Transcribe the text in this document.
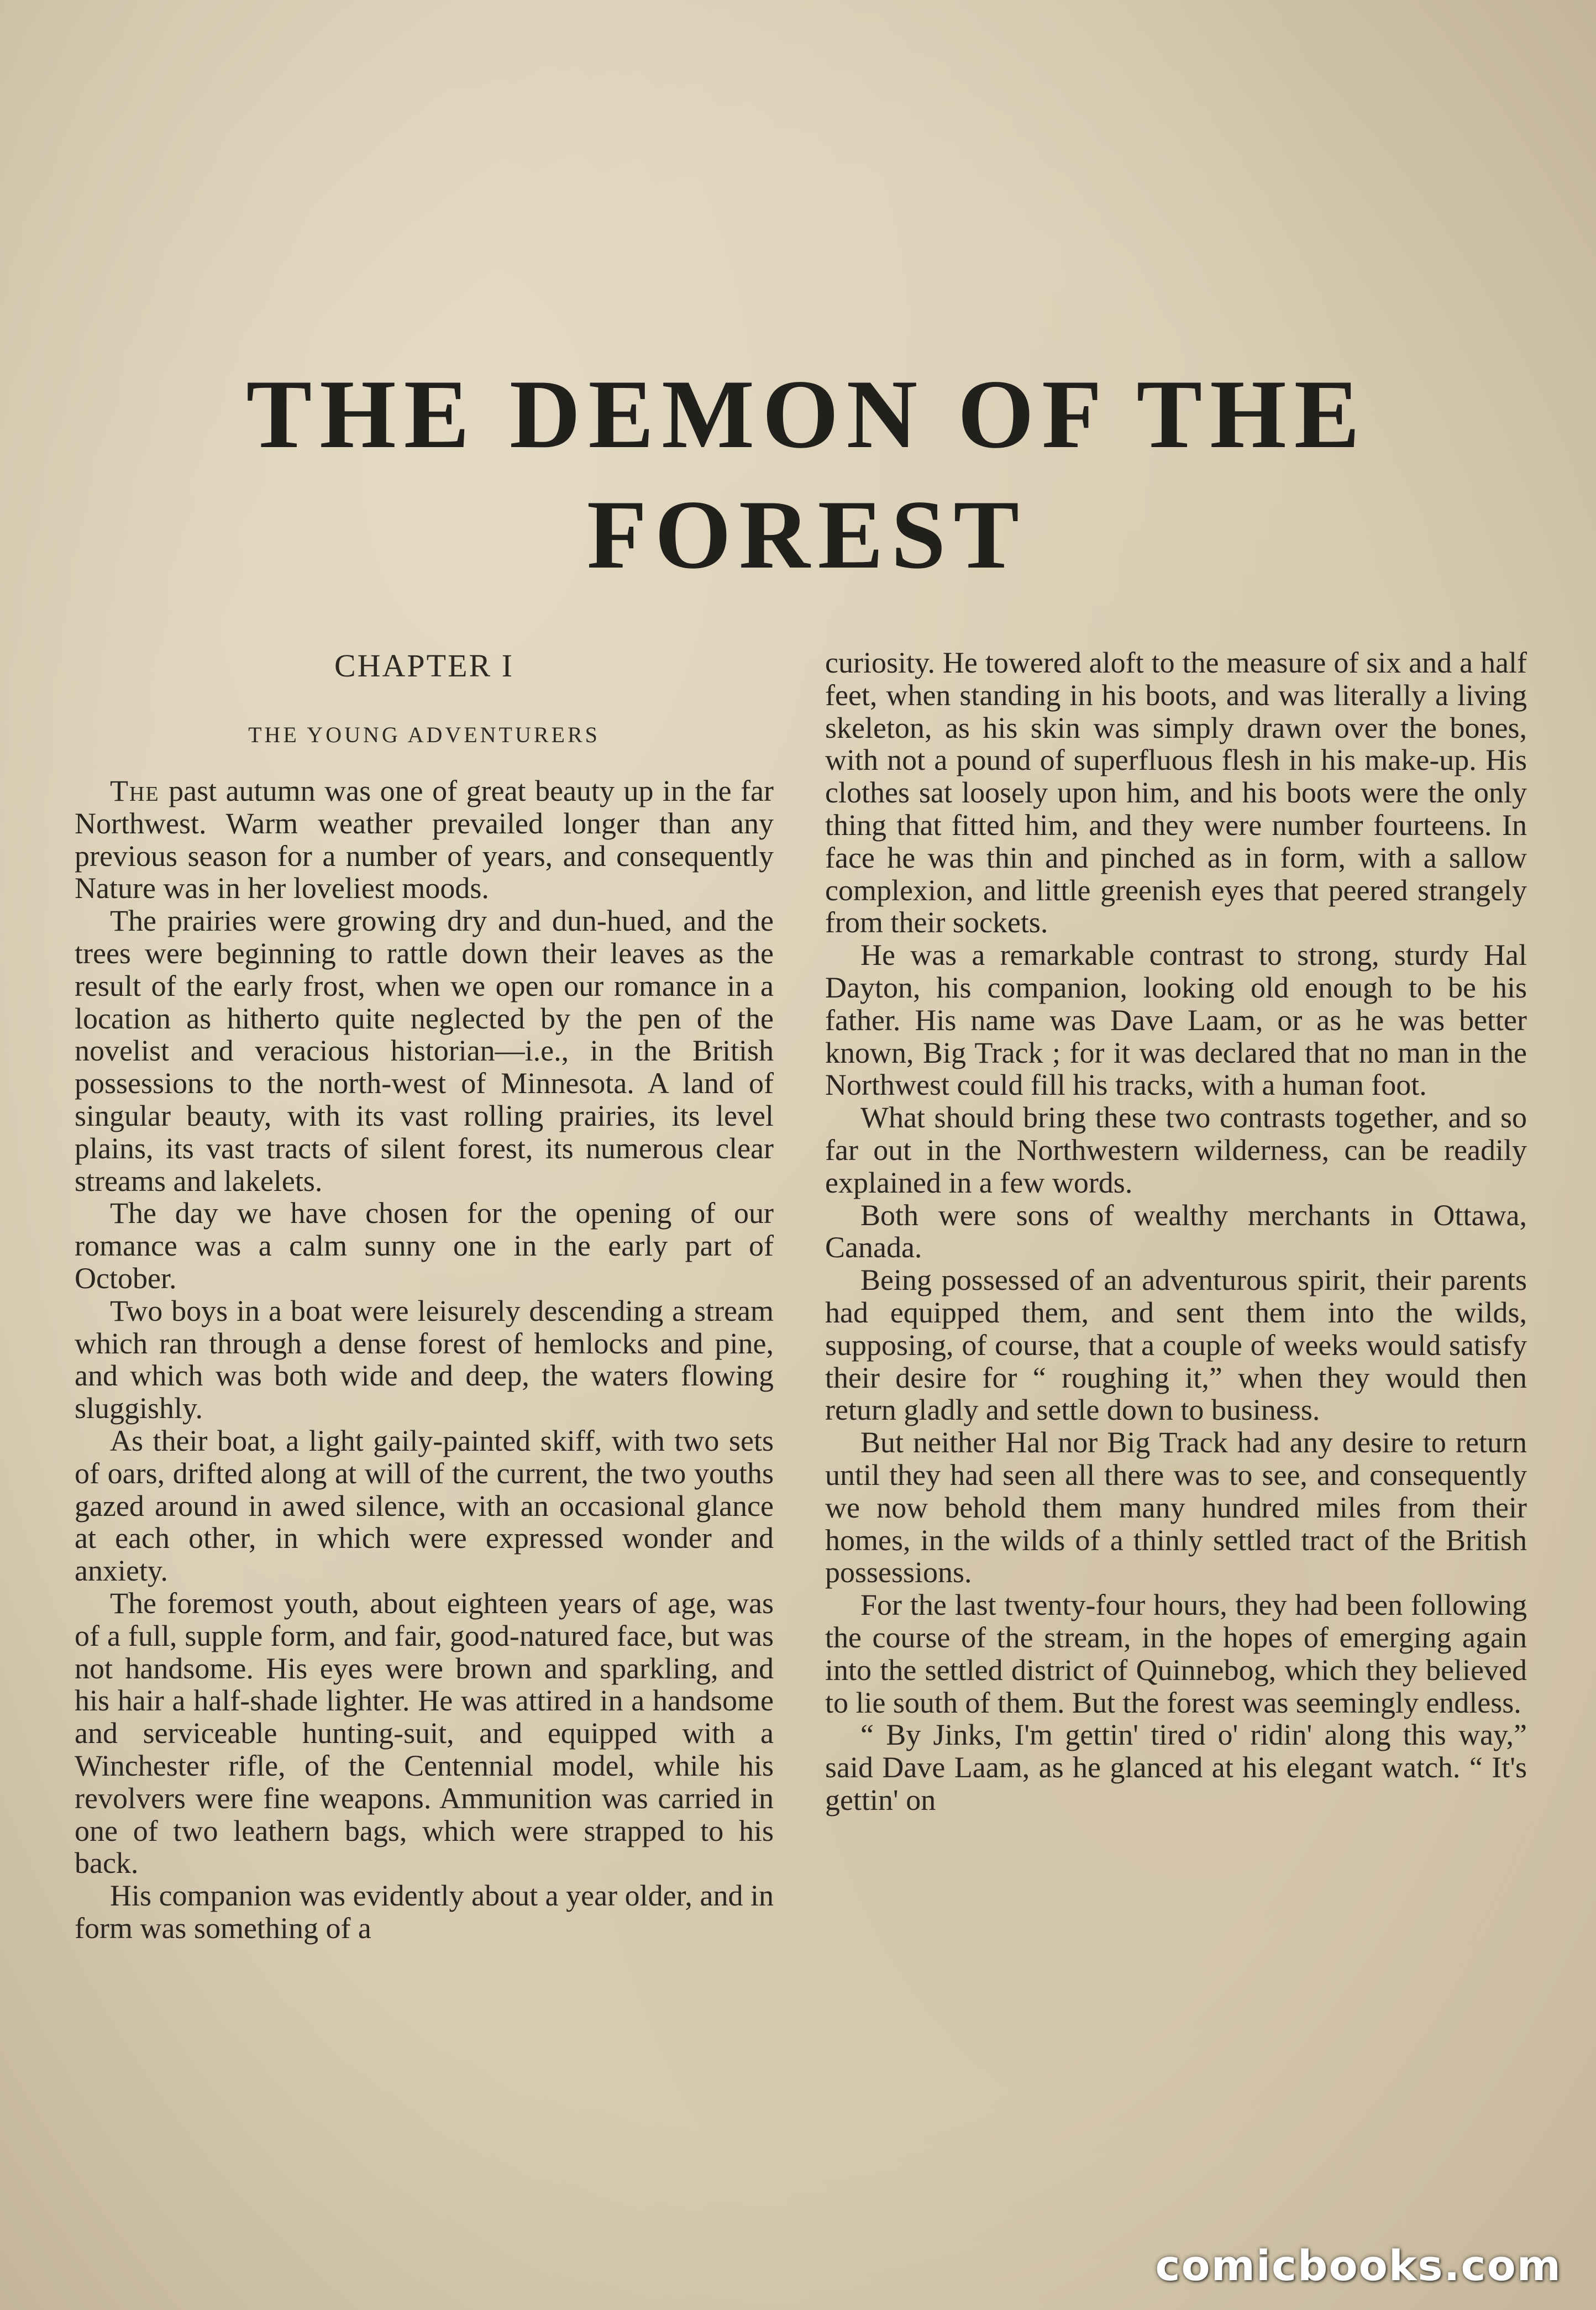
THE DEMON OF THE
FOREST
CHAPTER I
THE YOUNG ADVENTURERS

The past autumn was one of great beauty up in the far Northwest. Warm weather prevailed longer than any previous season for a number of years, and consequently Nature was in her loveliest moods.

The prairies were growing dry and dun-hued, and the trees were beginning to rattle down their leaves as the result of the early frost, when we open our romance in a location as hitherto quite neglected by the pen of the novelist and veracious historian—i.e., in the British possessions to the north-west of Minnesota. A land of singular beauty, with its vast rolling prairies, its level plains, its vast tracts of silent forest, its numerous clear streams and lakelets.

The day we have chosen for the opening of our romance was a calm sunny one in the early part of October.

Two boys in a boat were leisurely descending a stream which ran through a dense forest of hemlocks and pine, and which was both wide and deep, the waters flowing sluggishly.

As their boat, a light gaily-painted skiff, with two sets of oars, drifted along at will of the current, the two youths gazed around in awed silence, with an occasional glance at each other, in which were expressed wonder and anxiety.

The foremost youth, about eighteen years of age, was of a full, supple form, and fair, good-natured face, but was not handsome. His eyes were brown and sparkling, and his hair a half-shade lighter. He was attired in a handsome and serviceable hunting-suit, and equipped with a Winchester rifle, of the Centennial model, while his revolvers were fine weapons. Ammunition was carried in one of two leathern bags, which were strapped to his back.

His companion was evidently about a year older, and in form was something of a

curiosity. He towered aloft to the measure of six and a half feet, when standing in his boots, and was literally a living skeleton, as his skin was simply drawn over the bones, with not a pound of superfluous flesh in his make-up. His clothes sat loosely upon him, and his boots were the only thing that fitted him, and they were number fourteens. In face he was thin and pinched as in form, with a sallow complexion, and little greenish eyes that peered strangely from their sockets.

He was a remarkable contrast to strong, sturdy Hal Dayton, his companion, looking old enough to be his father. His name was Dave Laam, or as he was better known, Big Track ; for it was declared that no man in the Northwest could fill his tracks, with a human foot.

What should bring these two contrasts together, and so far out in the Northwestern wilderness, can be readily explained in a few words.

Both were sons of wealthy merchants in Ottawa, Canada.

Being possessed of an adventurous spirit, their parents had equipped them, and sent them into the wilds, supposing, of course, that a couple of weeks would satisfy their desire for “ roughing it,” when they would then return gladly and settle down to business.

But neither Hal nor Big Track had any desire to return until they had seen all there was to see, and consequently we now behold them many hundred miles from their homes, in the wilds of a thinly settled tract of the British possessions.

For the last twenty-four hours, they had been following the course of the stream, in the hopes of emerging again into the settled district of Quinnebog, which they believed to lie south of them. But the forest was seemingly endless.

“ By Jinks, I'm gettin' tired o' ridin' along this way,” said Dave Laam, as he glanced at his elegant watch. “ It's gettin' on

comicbooks.com
